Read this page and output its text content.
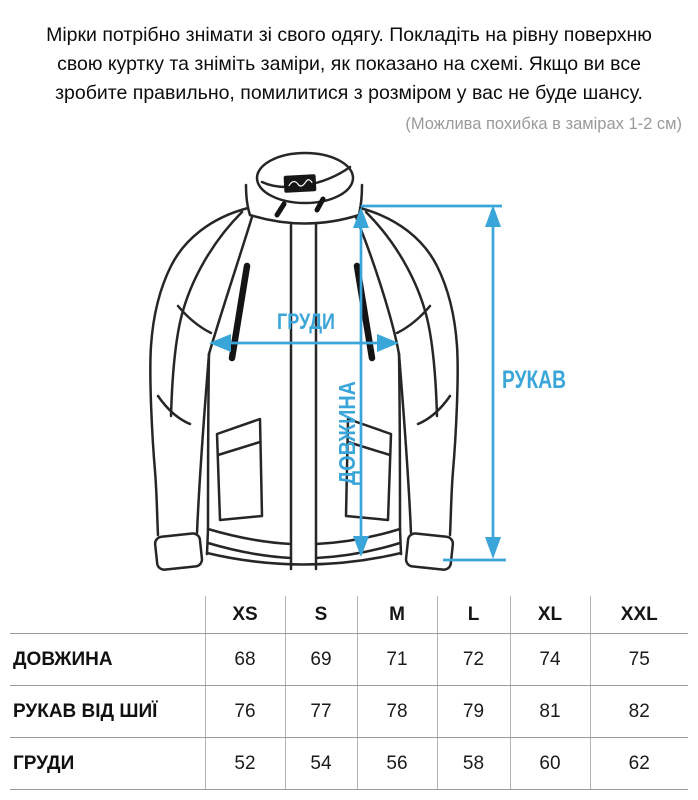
Мірки потрібно знімати зі свого одягу. Покладіть на рівну поверхню
свою куртку та зніміть заміри, як показано на схемі. Якщо ви все
зробите правильно, помилитися з розміром у вас не буде шансу.
(Можлива похибка в замірах 1-2 см)
ГРУДИ
ДОВЖИНА	РУКАВ
	XS	S	M	L	XL	XXL
ДОВЖИНА	68	69	71	72	74	75
РУКАВ ВІД ШИЇ	76	77	78	79	81	82
ГРУДИ	52	54	56	58	60	62
